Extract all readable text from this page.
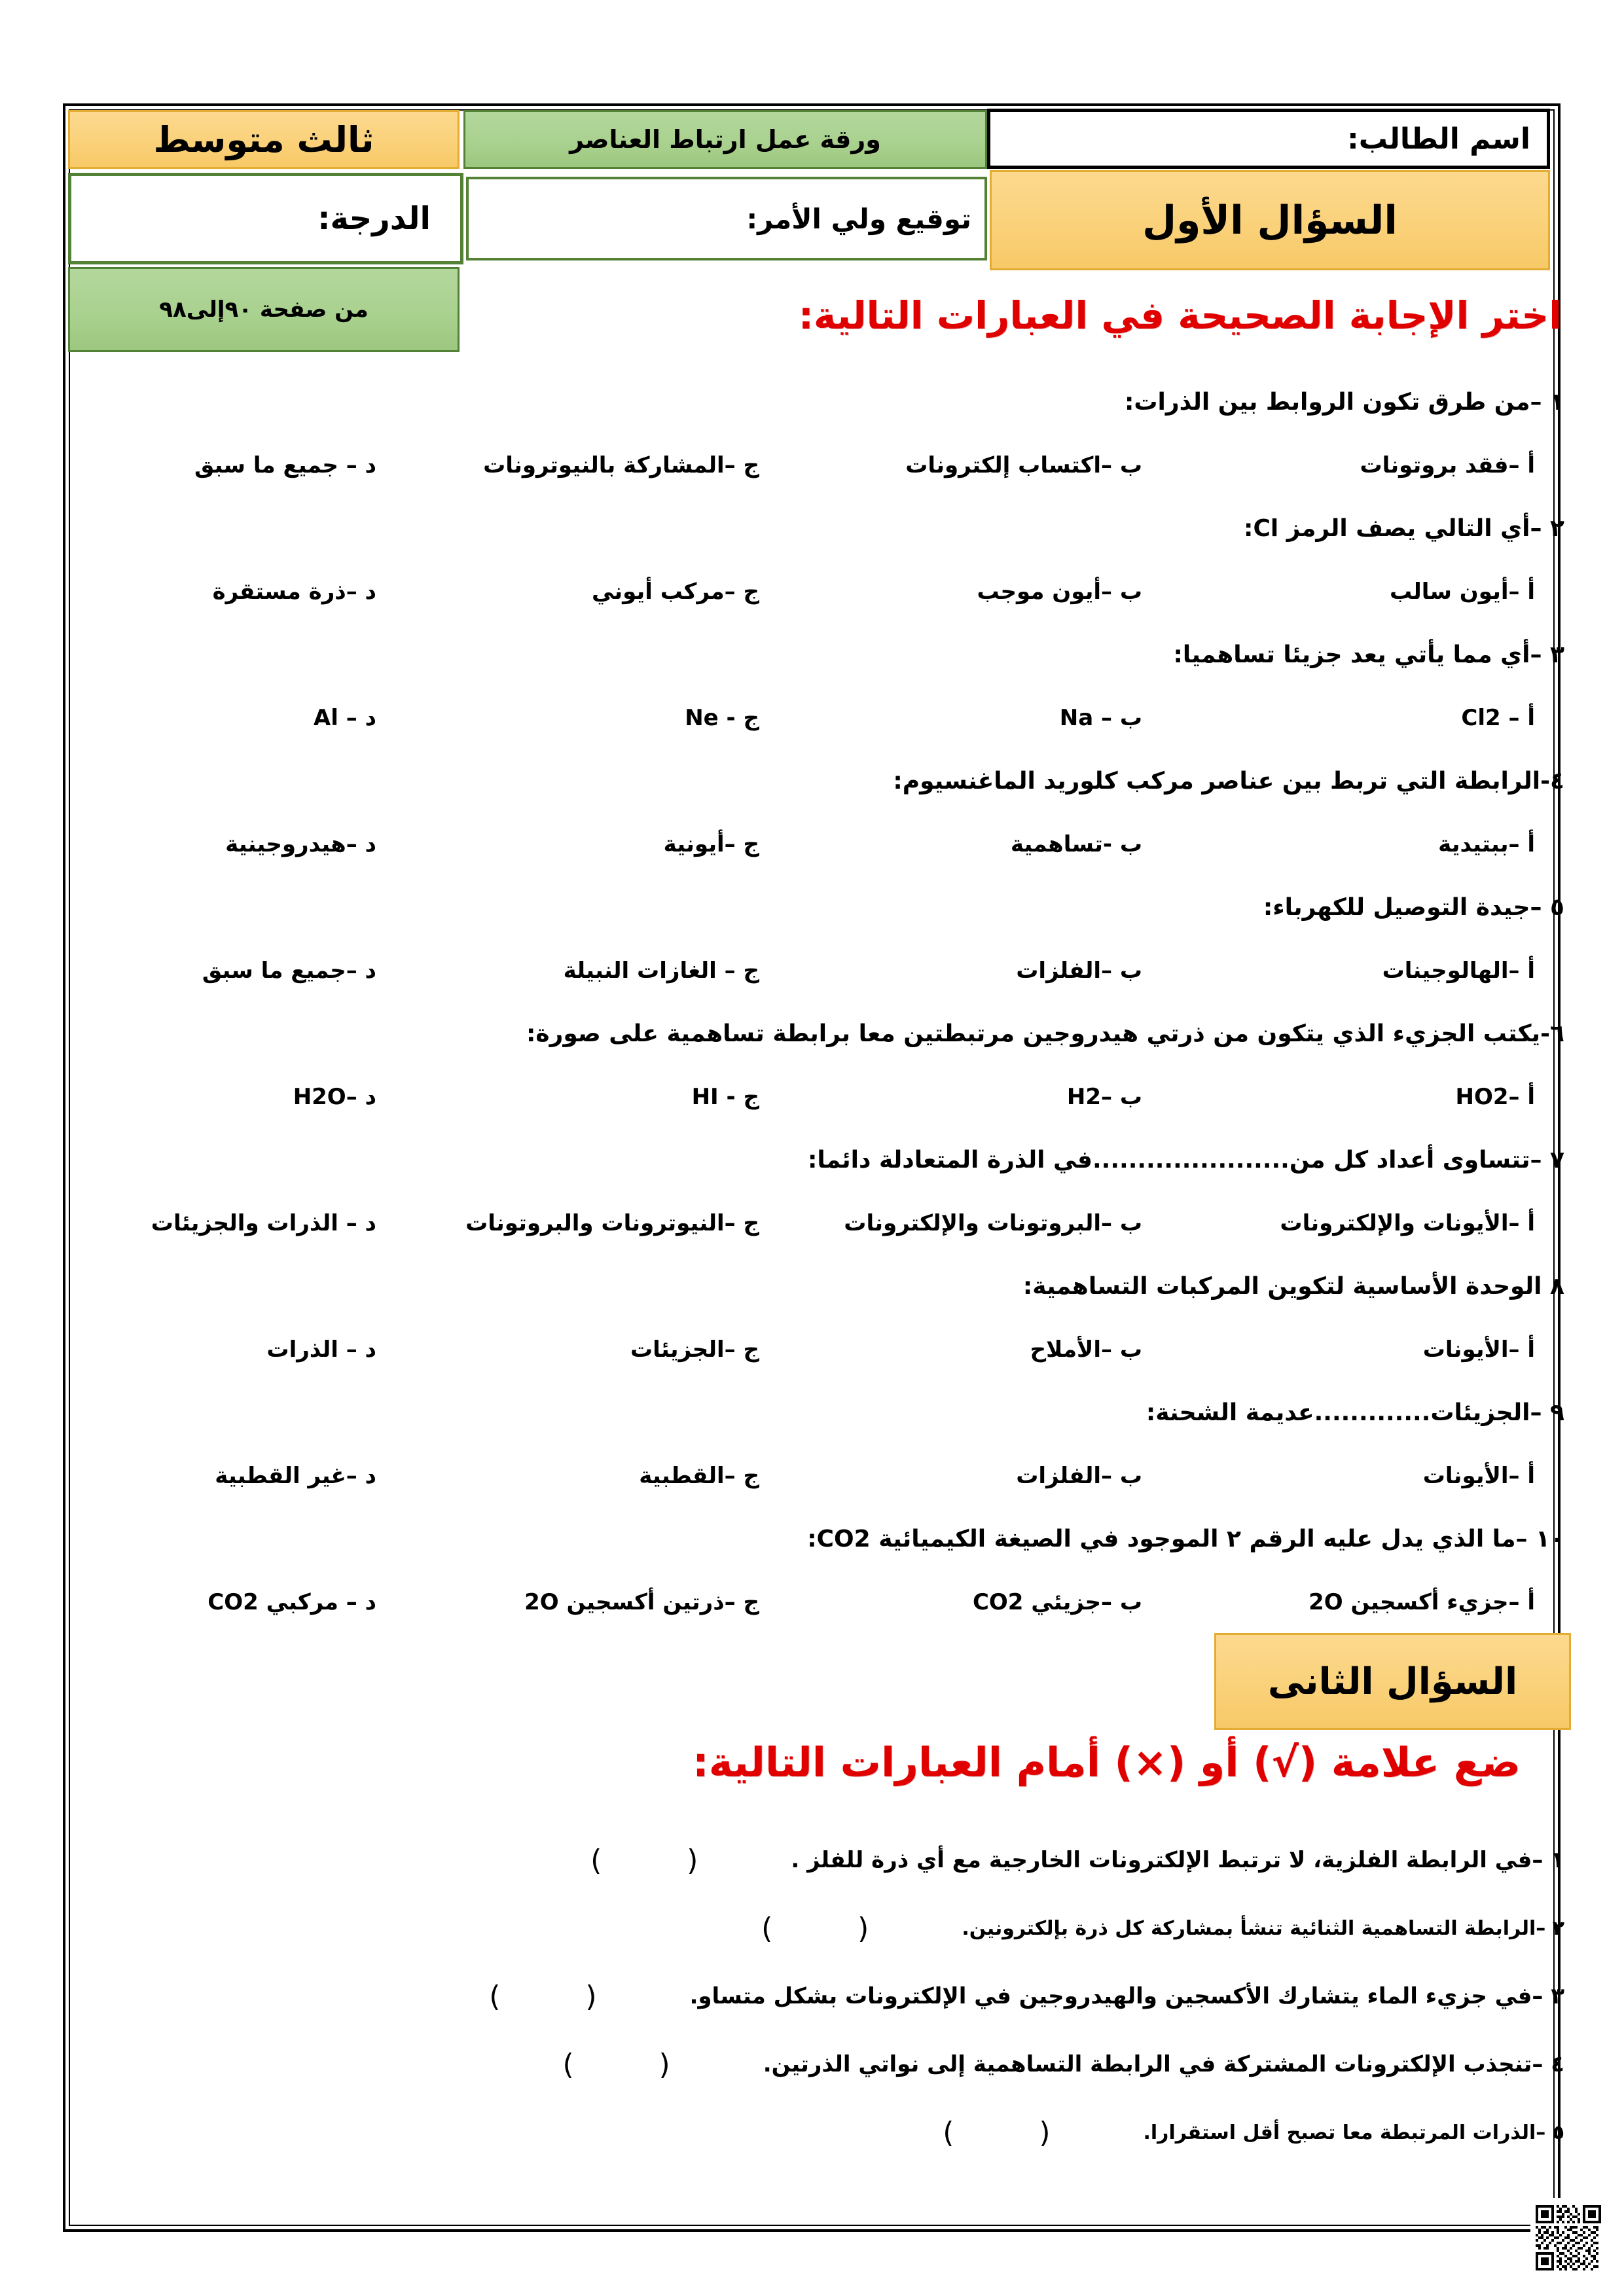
ثالث متوسط	ورقة عمل ارتباط العناصر	اسم الطالب:
الدرجة:	توقيع ولي الأمر:	السؤال الأول
من صفحة ٩٠إلى٩٨	اختر الإجابة الصحيحة في العبارات التالية:
١ –من طرق تكون الروابط بين الذرات:
أ –فقد بروتونات
ب –اكتساب إلكترونات
ج –المشاركة بالنيوترونات
د – جميع ما سبق
٢ –أي التالي يصف الرمز Cl:
أ –أيون سالب
ب –أيون موجب
ج –مركب أيوني
د –ذرة مستقرة
٣ –أي مما يأتي يعد جزيئا تساهميا:
أ – Cl2
ب – Na
ج - Ne
د – Al
٤-الرابطة التي تربط بين عناصر مركب كلوريد الماغنسيوم:
أ –ببتيدية
ب -تساهمية
ج –أيونية
د –هيدروجينية
٥ –جيدة التوصيل للكهرباء:
أ –الهالوجينات
ب –الفلزات
ج – الغازات النبيلة
د –جميع ما سبق
٦-يكتب الجزيء الذي يتكون من ذرتي هيدروجين مرتبطتين معا برابطة تساهمية على صورة:
أ –HO2
ب –H2
ج - HI
د –H2O
٧ –تتساوى أعداد كل من......................في الذرة المتعادلة دائما:
أ –الأيونات والإلكترونات
ب –البروتونات والإلكترونات
ج –النيوترونات والبروتونات
د – الذرات والجزيئات
٨ الوحدة الأساسية لتكوين المركبات التساهمية:
أ –الأيونات
ب –الأملاح
ج –الجزيئات
د – الذرات
٩ –الجزيئات.............عديمة الشحنة:
أ –الأيونات
ب –الفلزات
ج –القطبية
د –غير القطبية
١٠ –ما الذي يدل عليه الرقم ٢ الموجود في الصيغة الكيميائية CO2:
أ –جزيء أكسجين 2O
ب –جزيئي CO2
ج –ذرتين أكسجين 2O
د – مركبي CO2
السؤال الثانى
ضع علامة (√) أو (×) أمام العبارات التالية:
١ –في الرابطة الفلزية، لا ترتبط الإلكترونات الخارجية مع أي ذرة للفلز .
(        )
٢ –الرابطة التساهمية الثنائية تنشأ بمشاركة كل ذرة بإلكترونين.
(        )
٣ –في جزيء الماء يتشارك الأكسجين والهيدروجين في الإلكترونات بشكل متساو.
(        )
٤ –تنجذب الإلكترونات المشتركة في الرابطة التساهمية إلى نواتي الذرتين.
(        )
٥ –الذرات المرتبطة معا تصبح أقل استقرارا.
(        )
